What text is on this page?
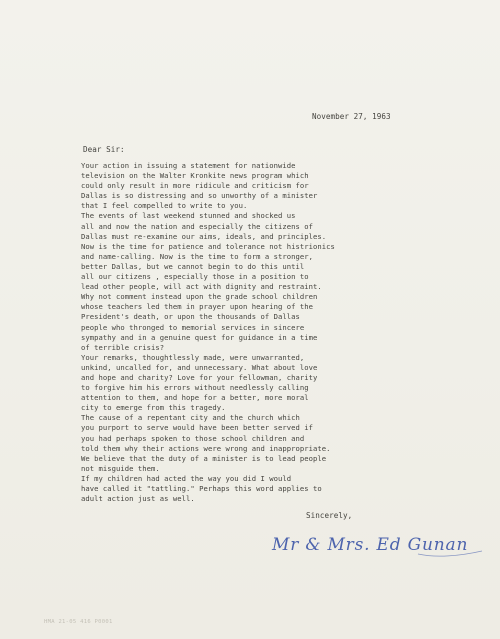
November 27, 1963
Dear Sir:
Your action in issuing a statement for nationwide
television on the Walter Kronkite news program which
could only result in more ridicule and criticism for
Dallas is so distressing and so unworthy of a minister
that I feel compelled to write to you.
The events of last weekend stunned and shocked us
all and now the nation and especially the citizens of
Dallas must re-examine our aims, ideals, and principles.
Now is the time for patience and tolerance not histrionics
and name-calling. Now is the time to form a stronger,
better Dallas, but we cannot begin to do this until
all our citizens , especially those in a position to
lead other people, will act with dignity and restraint.
Why not comment instead upon the grade school children
whose teachers led them in prayer upon hearing of the
President's death, or upon the thousands of Dallas
people who thronged to memorial services in sincere
sympathy and in a genuine quest for guidance in a time
of terrible crisis?
Your remarks, thoughtlessly made, were unwarranted,
unkind, uncalled for, and unnecessary. What about love
and hope and charity? Love for your fellowman, charity
to forgive him his errors without needlessly calling
attention to them, and hope for a better, more moral
city to emerge from this tragedy.
The cause of a repentant city and the church which
you purport to serve would have been better served if
you had perhaps spoken to those school children and
told them why their actions were wrong and inappropriate.
We believe that the duty of a minister is to lead people
not misguide them.
If my children had acted the way you did I would
have called it "tattling." Perhaps this word applies to
adult action just as well.
Sincerely,
Mr & Mrs. Ed Gunan
HMA 21-05 416 P0001
